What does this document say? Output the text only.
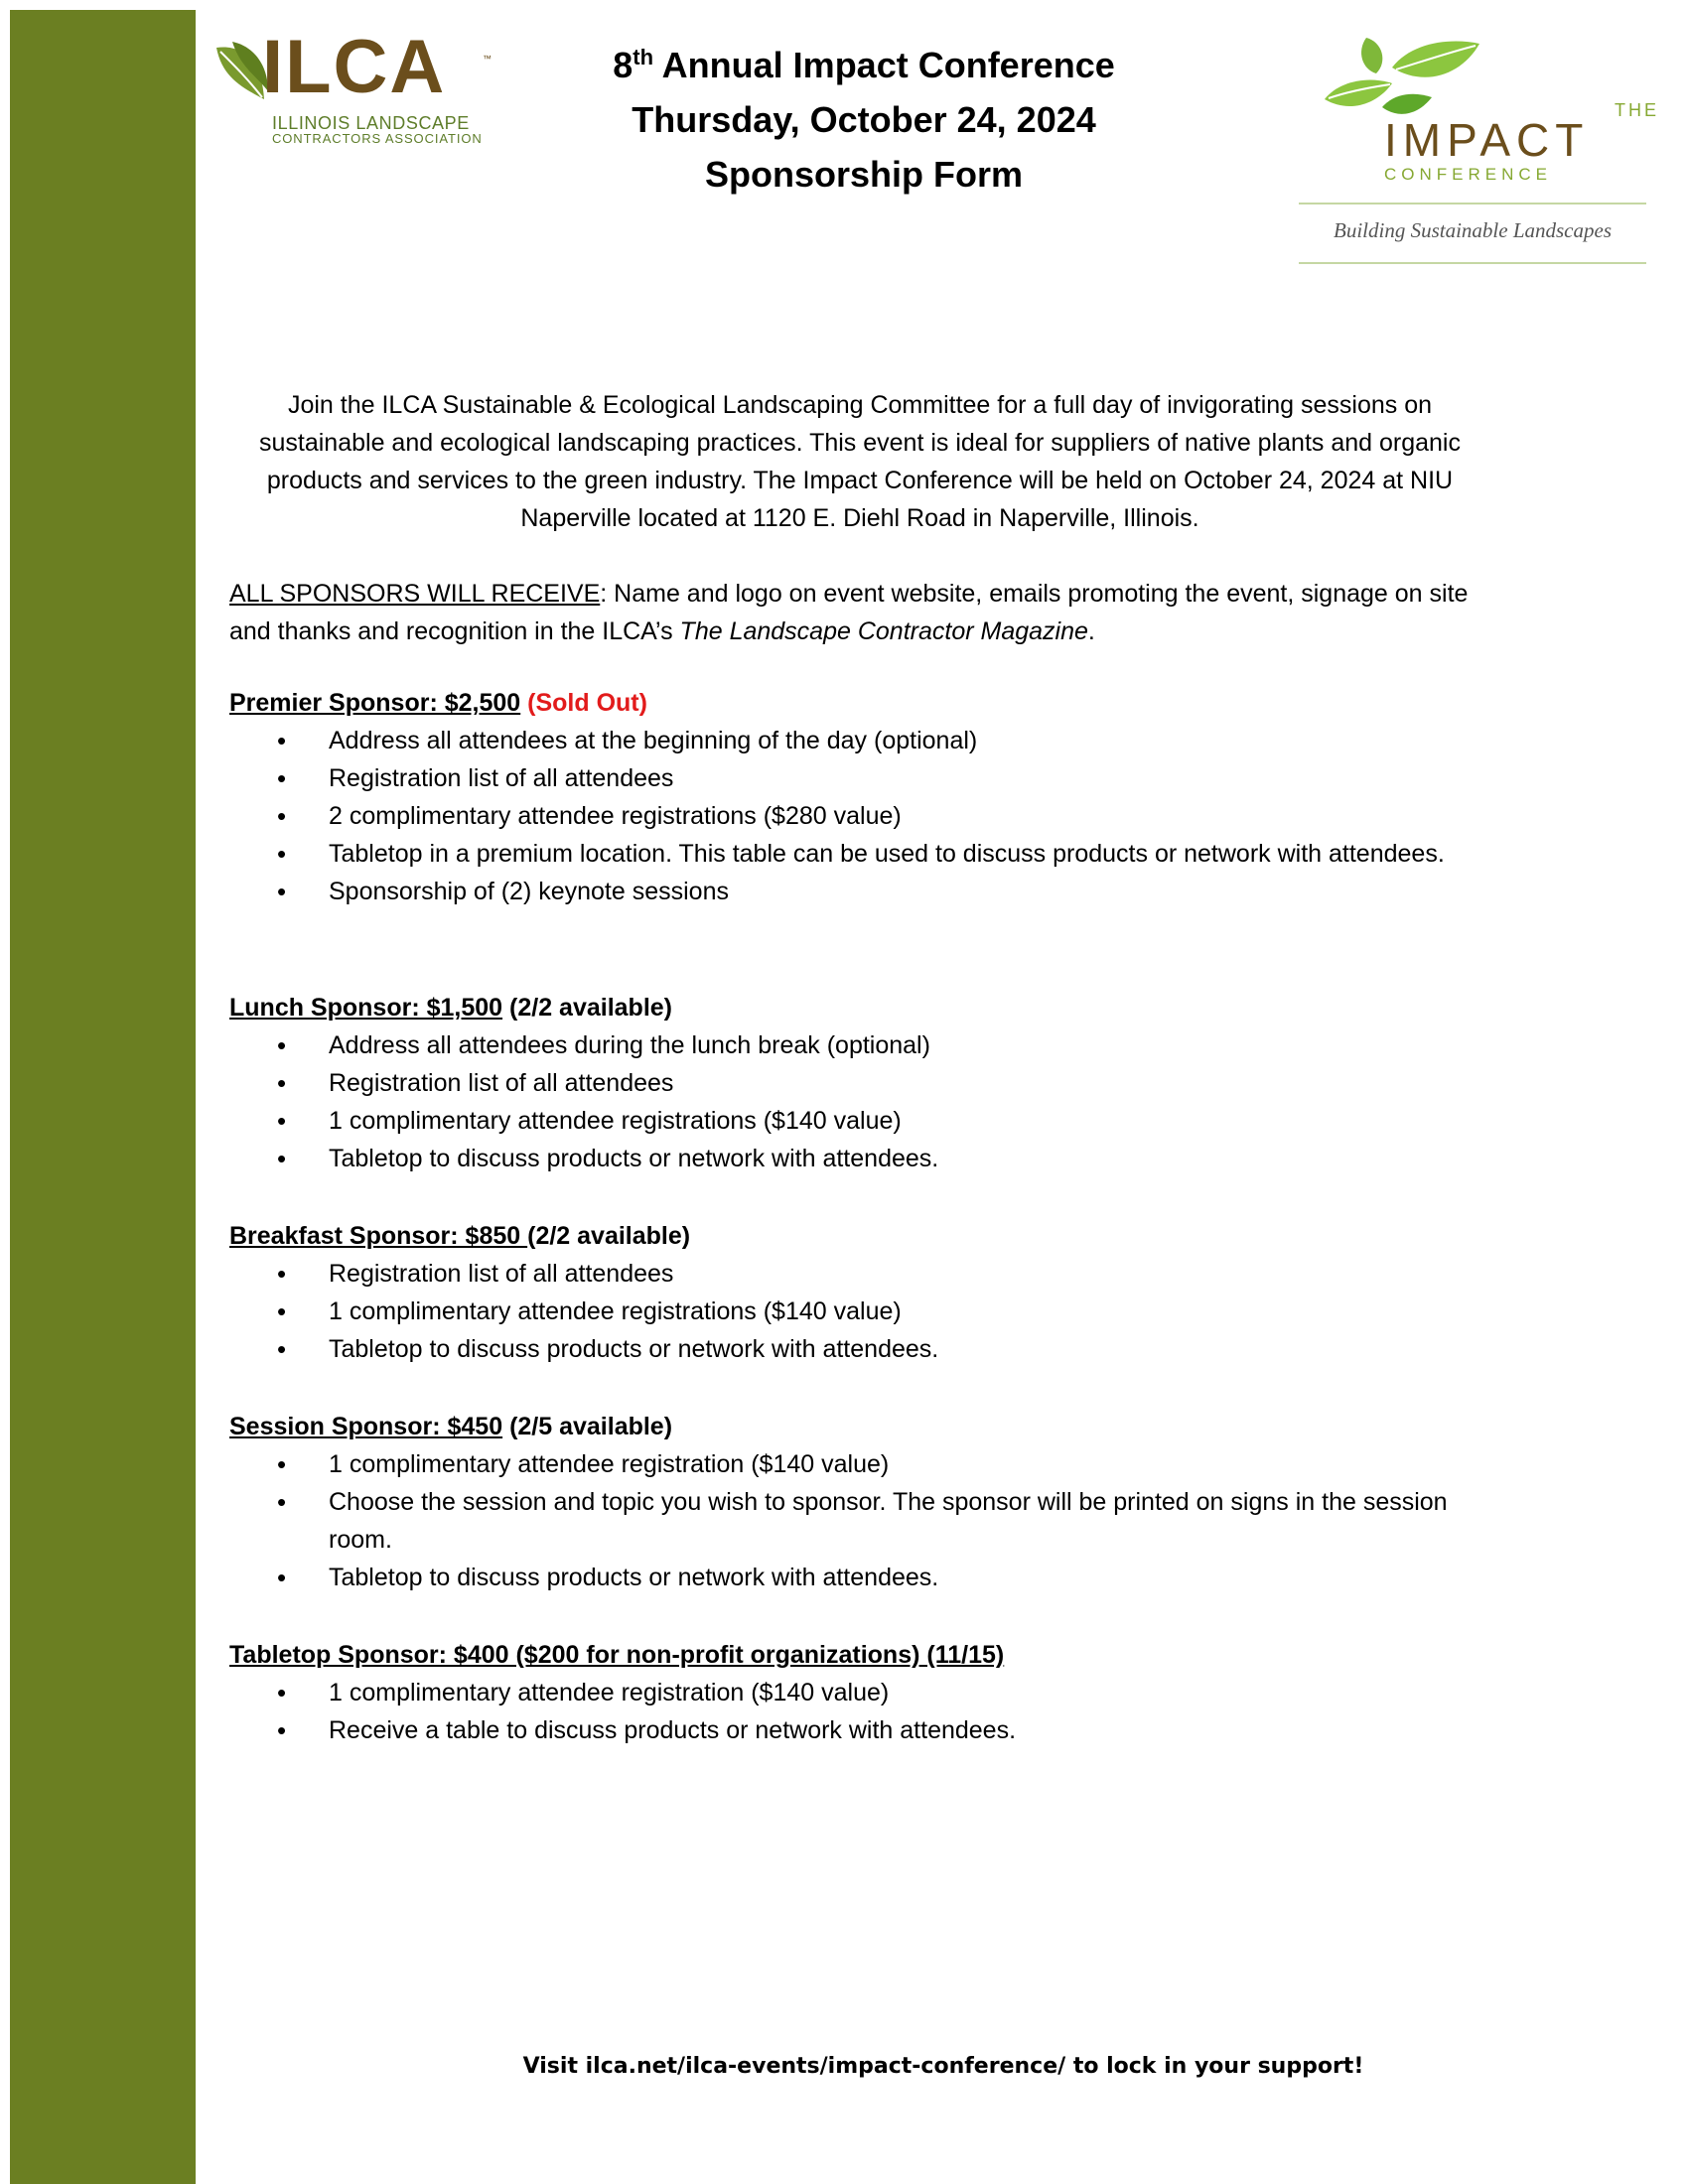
ILCA	™
ILLINOIS LANDSCAPE
CONTRACTORS ASSOCIATION
8th Annual Impact Conference
Thursday, October 24, 2024
Sponsorship Form
THE
IMPACT
CONFERENCE
Building Sustainable Landscapes
Join the ILCA Sustainable & Ecological Landscaping Committee for a full day of invigorating sessions on sustainable and ecological landscaping practices. This event is ideal for suppliers of native plants and organic products and services to the green industry. The Impact Conference will be held on October 24, 2024 at NIU Naperville located at 1120 E. Diehl Road in Naperville, Illinois.
ALL SPONSORS WILL RECEIVE: Name and logo on event website, emails promoting the event, signage on site and thanks and recognition in the ILCA’s The Landscape Contractor Magazine.
Premier Sponsor: $2,500 (Sold Out)
• Address all attendees at the beginning of the day (optional)
• Registration list of all attendees
• 2 complimentary attendee registrations ($280 value)
• Tabletop in a premium location. This table can be used to discuss products or network with attendees.
• Sponsorship of (2) keynote sessions
Lunch Sponsor: $1,500 (2/2 available)
• Address all attendees during the lunch break (optional)
• Registration list of all attendees
• 1 complimentary attendee registrations ($140 value)
• Tabletop to discuss products or network with attendees.
Breakfast Sponsor: $850 (2/2 available)
• Registration list of all attendees
• 1 complimentary attendee registrations ($140 value)
• Tabletop to discuss products or network with attendees.
Session Sponsor: $450 (2/5 available)
• 1 complimentary attendee registration ($140 value)
• Choose the session and topic you wish to sponsor. The sponsor will be printed on signs in the session room.
• Tabletop to discuss products or network with attendees.
Tabletop Sponsor: $400 ($200 for non-profit organizations) (11/15)
• 1 complimentary attendee registration ($140 value)
• Receive a table to discuss products or network with attendees.
Visit ilca.net/ilca-events/impact-conference/ to lock in your support!
